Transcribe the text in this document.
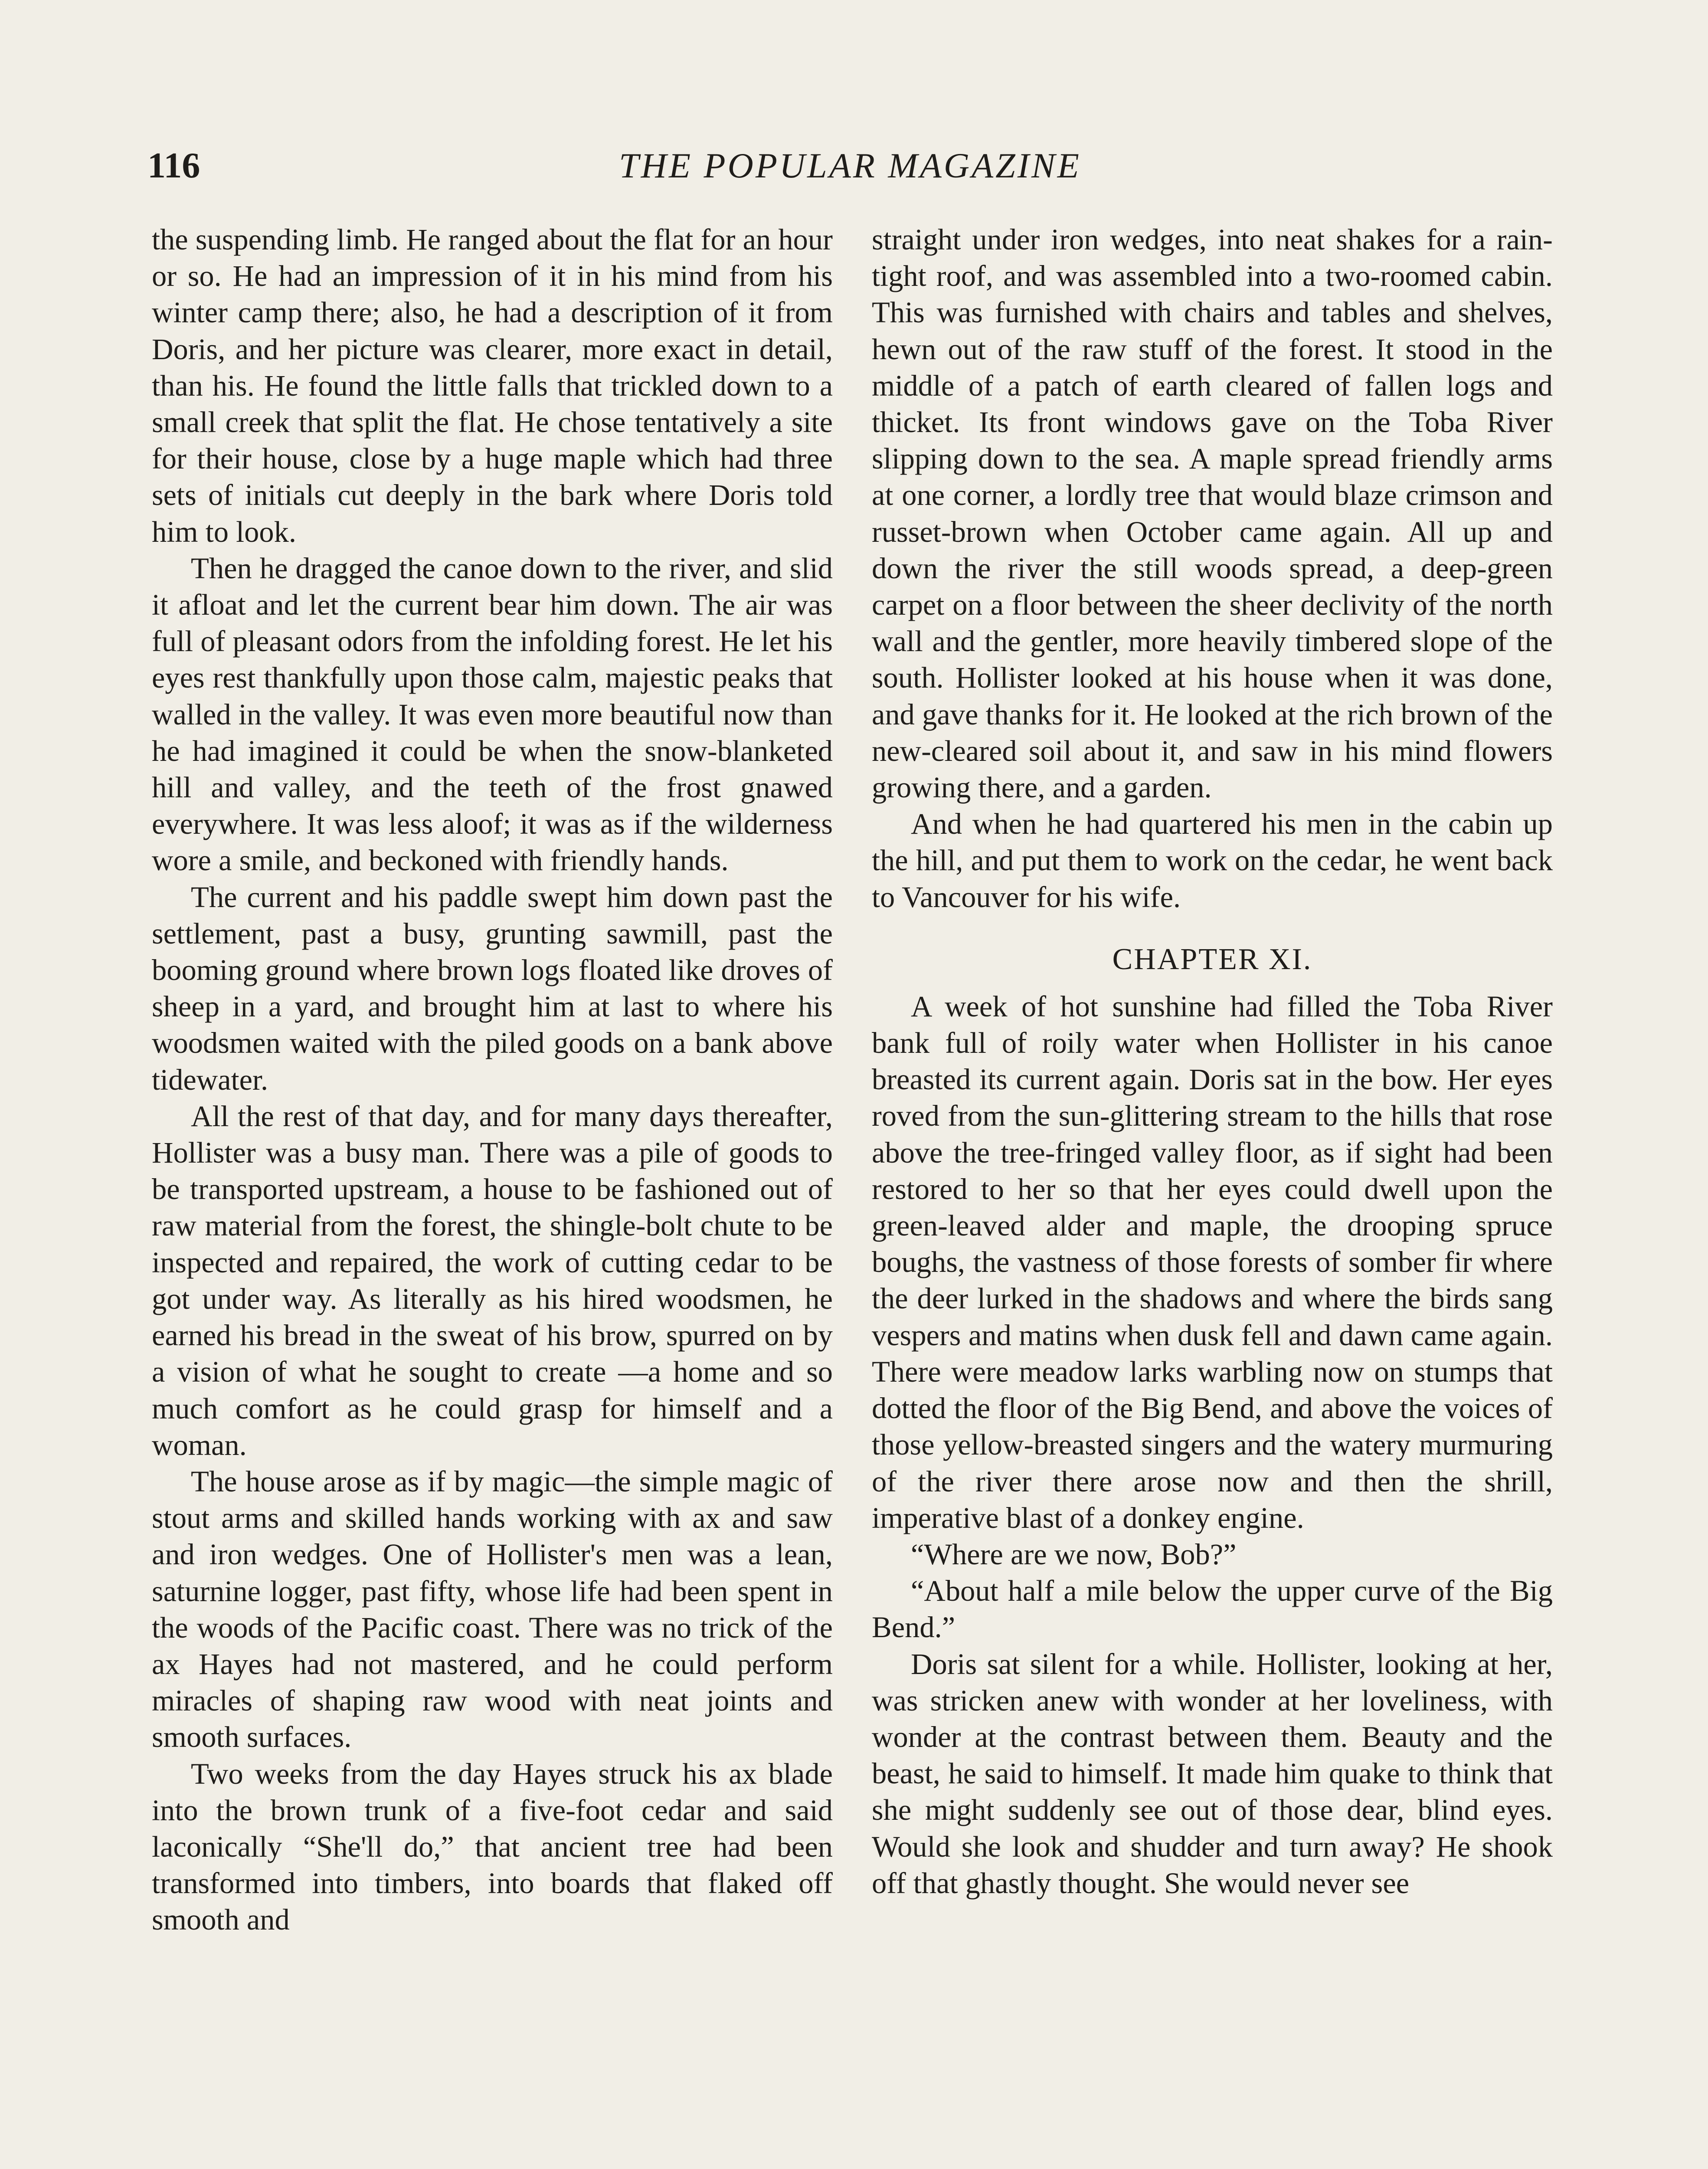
116	THE POPULAR MAGAZINE

the suspending limb. He ranged about the flat for an hour or so. He had an impression of it in his mind from his winter camp there; also, he had a description of it from Doris, and her picture was clearer, more exact in detail, than his. He found the little falls that trickled down to a small creek that split the flat. He chose tentatively a site for their house, close by a huge maple which had three sets of initials cut deeply in the bark where Doris told him to look.

Then he dragged the canoe down to the river, and slid it afloat and let the current bear him down. The air was full of pleasant odors from the infolding forest. He let his eyes rest thankfully upon those calm, majestic peaks that walled in the valley. It was even more beautiful now than he had imagined it could be when the snow-blanketed hill and valley, and the teeth of the frost gnawed everywhere. It was less aloof; it was as if the wilderness wore a smile, and beckoned with friendly hands.

The current and his paddle swept him down past the settlement, past a busy, grunting sawmill, past the booming ground where brown logs floated like droves of sheep in a yard, and brought him at last to where his woodsmen waited with the piled goods on a bank above tidewater.

All the rest of that day, and for many days thereafter, Hollister was a busy man. There was a pile of goods to be transported upstream, a house to be fashioned out of raw material from the forest, the shingle-bolt chute to be inspected and repaired, the work of cutting cedar to be got under way. As literally as his hired woodsmen, he earned his bread in the sweat of his brow, spurred on by a vision of what he sought to create —a home and so much comfort as he could grasp for himself and a woman.

The house arose as if by magic—the simple magic of stout arms and skilled hands working with ax and saw and iron wedges. One of Hollister's men was a lean, saturnine logger, past fifty, whose life had been spent in the woods of the Pacific coast. There was no trick of the ax Hayes had not mastered, and he could perform miracles of shaping raw wood with neat joints and smooth surfaces.

Two weeks from the day Hayes struck his ax blade into the brown trunk of a five-foot cedar and said laconically “She'll do,” that ancient tree had been transformed into timbers, into boards that flaked off smooth and

straight under iron wedges, into neat shakes for a rain-tight roof, and was assembled into a two-roomed cabin. This was furnished with chairs and tables and shelves, hewn out of the raw stuff of the forest. It stood in the middle of a patch of earth cleared of fallen logs and thicket. Its front windows gave on the Toba River slipping down to the sea. A maple spread friendly arms at one corner, a lordly tree that would blaze crimson and russet-brown when October came again. All up and down the river the still woods spread, a deep-green carpet on a floor between the sheer declivity of the north wall and the gentler, more heavily timbered slope of the south. Hollister looked at his house when it was done, and gave thanks for it. He looked at the rich brown of the new-cleared soil about it, and saw in his mind flowers growing there, and a garden.

And when he had quartered his men in the cabin up the hill, and put them to work on the cedar, he went back to Vancouver for his wife.

CHAPTER XI.

A week of hot sunshine had filled the Toba River bank full of roily water when Hollister in his canoe breasted its current again. Doris sat in the bow. Her eyes roved from the sun-glittering stream to the hills that rose above the tree-fringed valley floor, as if sight had been restored to her so that her eyes could dwell upon the green-leaved alder and maple, the drooping spruce boughs, the vastness of those forests of somber fir where the deer lurked in the shadows and where the birds sang vespers and matins when dusk fell and dawn came again. There were meadow larks warbling now on stumps that dotted the floor of the Big Bend, and above the voices of those yellow-breasted singers and the watery murmuring of the river there arose now and then the shrill, imperative blast of a donkey engine.

“Where are we now, Bob?”

“About half a mile below the upper curve of the Big Bend.”

Doris sat silent for a while. Hollister, looking at her, was stricken anew with wonder at her loveliness, with wonder at the contrast between them. Beauty and the beast, he said to himself. It made him quake to think that she might suddenly see out of those dear, blind eyes. Would she look and shudder and turn away? He shook off that ghastly thought. She would never see
